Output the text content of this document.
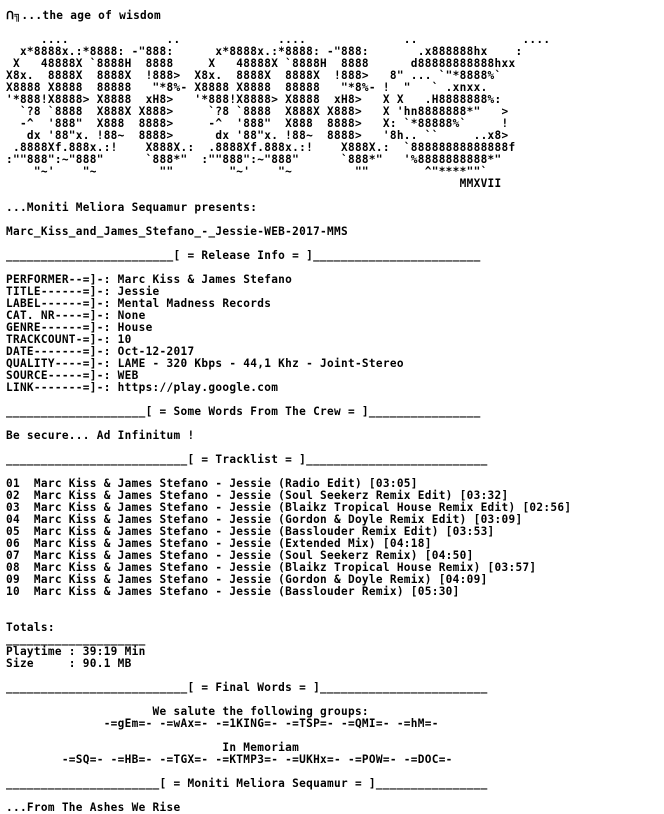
ᑎ╗...the age of wisdom
....              ..              ....              ..               ....
x*8888x.:*8888: -"888:      x*8888x.:*8888: -"888:       .x888888hx    :
X   48888X `8888H  8888     X   48888X `8888H  8888      d88888888888hxx
X8x.  8888X  8888X  !888>  X8x.  8888X  8888X  !888>   8" ... `"*8888%`
X8888 X8888  88888   "*8%- X8888 X8888  88888   "*8%- !  "   ` .xnxx.
'*888!X8888> X8888  xH8>   '*888!X8888> X8888  xH8>   X X   .H8888888%:
`?8 `8888  X888X X888>     `?8 `8888  X888X X888>   X 'hn8888888*"   >
-^  '888"  X888  8888>     -^  '888"  X888  8888>   X: `*88888%`     !
dx '88"x. !88~  8888>      dx '88"x. !88~  8888>   '8h.. ``     ..x8>
.8888Xf.888x.:!    X888X.:  .8888Xf.888x.:!    X888X.:  `88888888888888f
:""888":~"888"      `888*"  :""888":~"888"      `888*"   '%8888888888*"
"~'    "~         ""        "~'    "~         ""        ^"****""`
MMXVII
...Moniti Meliora Sequamur presents:
Marc_Kiss_and_James_Stefano_-_Jessie-WEB-2017-MMS
________________________[ = Release Info = ]________________________
PERFORMER--=]-: Marc Kiss & James Stefano
TITLE------=]-: Jessie
LABEL------=]-: Mental Madness Records
CAT. NR----=]-: None
GENRE------=]-: House
TRACKCOUNT-=]-: 10
DATE-------=]-: Oct-12-2017
QUALITY----=]-: LAME - 320 Kbps - 44,1 Khz - Joint-Stereo
SOURCE-----=]-: WEB
LINK-------=]-: https://play.google.com
____________________[ = Some Words From The Crew = ]________________
Be secure... Ad Infinitum !
__________________________[ = Tracklist = ]__________________________
01  Marc Kiss & James Stefano - Jessie (Radio Edit) [03:05]
02  Marc Kiss & James Stefano - Jessie (Soul Seekerz Remix Edit) [03:32]
03  Marc Kiss & James Stefano - Jessie (Blaikz Tropical House Remix Edit) [02:56]
04  Marc Kiss & James Stefano - Jessie (Gordon & Doyle Remix Edit) [03:09]
05  Marc Kiss & James Stefano - Jessie (Basslouder Remix Edit) [03:53]
06  Marc Kiss & James Stefano - Jessie (Extended Mix) [04:18]
07  Marc Kiss & James Stefano - Jessie (Soul Seekerz Remix) [04:50]
08  Marc Kiss & James Stefano - Jessie (Blaikz Tropical House Remix) [03:57]
09  Marc Kiss & James Stefano - Jessie (Gordon & Doyle Remix) [04:09]
10  Marc Kiss & James Stefano - Jessie (Basslouder Remix) [05:30]
Totals:
____________________
Playtime : 39:19 Min
Size     : 90.1 MB
__________________________[ = Final Words = ]________________________
We salute the following groups:
-=gEm=- -=wAx=- -=1KING=- -=TSP=- -=QMI=- -=hM=-
In Memoriam
-=SQ=- -=HB=- -=TGX=- -=KTMP3=- -=UKHx=- -=POW=- -=DOC=-
______________________[ = Moniti Meliora Sequamur = ]________________
...From The Ashes We Rise
